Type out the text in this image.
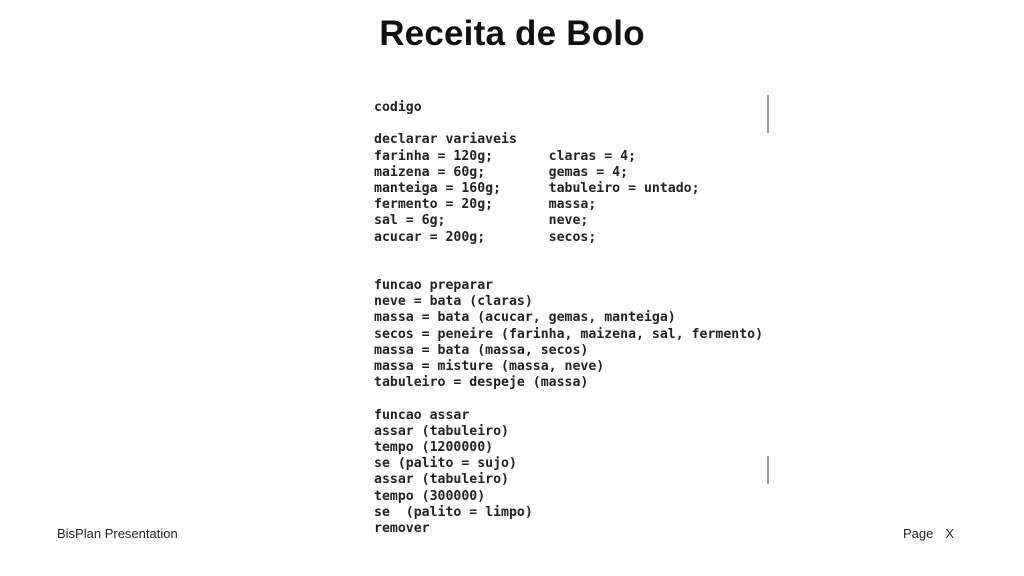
Receita de Bolo
codigo
declarar variaveis
farinha = 120g;       claras = 4;
maizena = 60g;        gemas = 4;
manteiga = 160g;      tabuleiro = untado;
fermento = 20g;       massa;
sal = 6g;             neve;
acucar = 200g;        secos;
funcao preparar
neve = bata (claras)
massa = bata (acucar, gemas, manteiga)
secos = peneire (farinha, maizena, sal, fermento)
massa = bata (massa, secos)
massa = misture (massa, neve)
tabuleiro = despeje (massa)
funcao assar
assar (tabuleiro)
tempo (1200000)
se (palito = sujo)
assar (tabuleiro)
tempo (300000)
se  (palito = limpo)
remover
BisPlan Presentation	Page X
